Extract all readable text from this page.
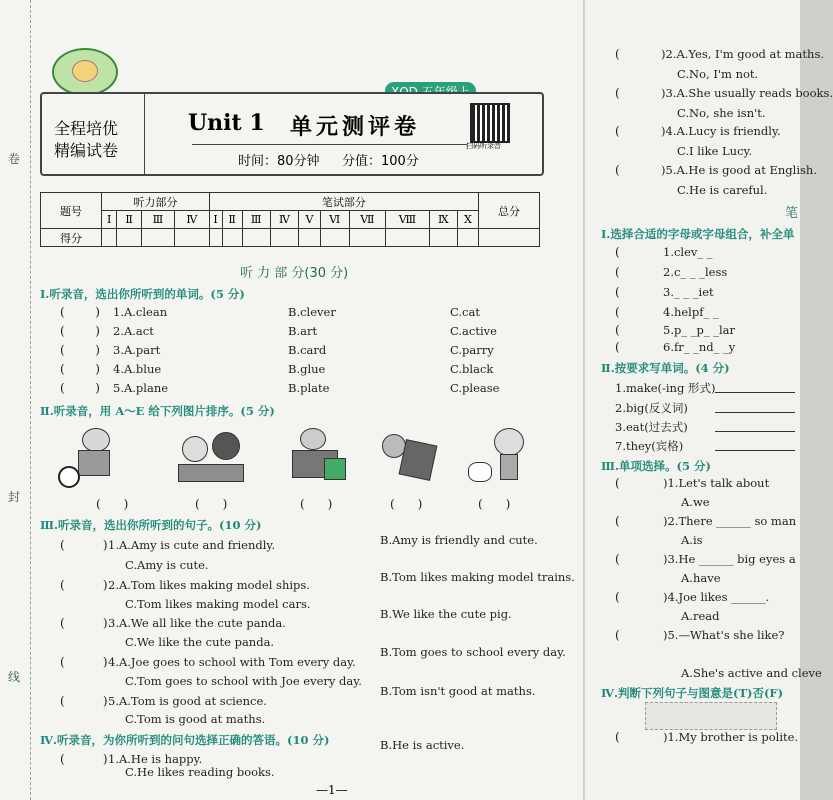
卷
封
线
全程培优
精编试卷
Unit 1 单元测评卷
时间：80分钟 分值：100分
扫码听录音
题号	听力部分				笔试部分										总分
	Ⅰ	Ⅱ	Ⅲ	Ⅳ	Ⅰ	Ⅱ	Ⅲ	Ⅳ	Ⅴ	Ⅵ	Ⅶ	Ⅷ	Ⅸ	Ⅹ	
得分															
听 力 部 分(30 分)
Ⅰ.听录音，选出你所听到的单词。(5 分)
(        ) 1.A.clean	B.clever	C.cat
(        ) 2.A.act	B.art	C.active
(        ) 3.A.part	B.card	C.parry
(        ) 4.A.blue	B.glue	C.black
(        ) 5.A.plane	B.plate	C.please
Ⅱ.听录音，用 A～E 给下列图片排序。(5 分)
(      )	(      )	(      )	(      )	(      )
Ⅲ.听录音，选出你所听到的句子。(10 分)
(          ) 1.A.Amy is cute and friendly.	B.Amy is friendly and cute.
C.Amy is cute.
(          ) 2.A.Tom likes making model ships.
B.Tom likes making model trains.
C.Tom likes making model cars.
(          ) 3.A.We all like the cute panda.
B.We like the cute pig.
C.We like the cute panda.
(          ) 4.A.Joe goes to school with Tom every day.
B.Tom goes to school every day.
C.Tom goes to school with Joe every day.
(          ) 5.A.Tom is good at science.
B.Tom isn't good at maths.
C.Tom is good at maths.
Ⅳ.听录音，为你所听到的问句选择正确的答语。(10 分)
(          ) 1.A.He is happy.
B.He is active.
C.He likes reading books.
—1—
(	)2.A.Yes, I'm good at maths.
C.No, I'm not.
(	)3.A.She usually reads books.
C.No, she isn't.
(	)4.A.Lucy is friendly.
C.I like Lucy.
(	)5.A.He is good at English.
C.He is careful.
笔
Ⅰ.选择合适的字母或字母组合，补全单
(	1.clev_ _
(	2.c_ _ _less
(	3._ _ _iet
(	4.helpf_ _
(	5.p_ _p_ _lar
(	6.fr_ _nd_ _y
Ⅱ.按要求写单词。(4 分)
1.make(-ing 形式)
2.big(反义词)
3.eat(过去式)
7.they(宾格)
Ⅲ.单项选择。(5 分)
(	)1.Let's talk about
A.we
(	)2.There ______ so man
A.is
(	)3.He ______ big eyes a
A.have
(	)4.Joe likes ______.
A.read
(	)5.—What's she like?
A.She's active and cleve
Ⅳ.判断下列句子与图意是(T)否(F)
(	)1.My brother is polite.
